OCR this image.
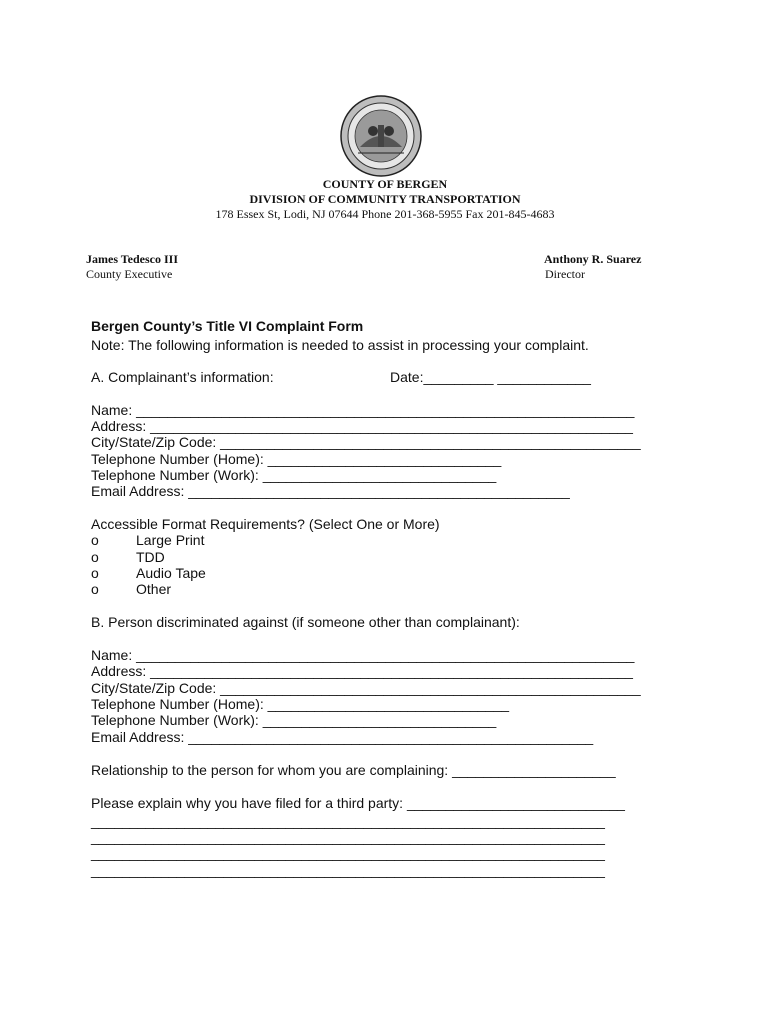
COUNTY OF BERGEN
DIVISION OF COMMUNITY TRANSPORTATION
178 Essex St, Lodi, NJ 07644 Phone 201-368-5955 Fax 201-845-4683
James Tedesco III
County Executive
Anthony R. Suarez
Director
Bergen County’s Title VI Complaint Form
Note: The following information is needed to assist in processing your complaint.
A. Complainant’s information:	Date:_________ ____________
Name: ________________________________________________________________
Address: ______________________________________________________________
City/State/Zip Code: ______________________________________________________
Telephone Number (Home): ______________________________
Telephone Number (Work): ______________________________
Email Address: _________________________________________________
Accessible Format Requirements? (Select One or More)
o	Large Print
o	TDD
o	Audio Tape
o	Other
B. Person discriminated against (if someone other than complainant):
Name: ________________________________________________________________
Address: ______________________________________________________________
City/State/Zip Code: ______________________________________________________
Telephone Number (Home): _______________________________
Telephone Number (Work): ______________________________
Email Address: ____________________________________________________
Relationship to the person for whom you are complaining: _____________________
Please explain why you have filed for a third party: ____________________________
__________________________________________________________________
__________________________________________________________________
__________________________________________________________________
__________________________________________________________________
